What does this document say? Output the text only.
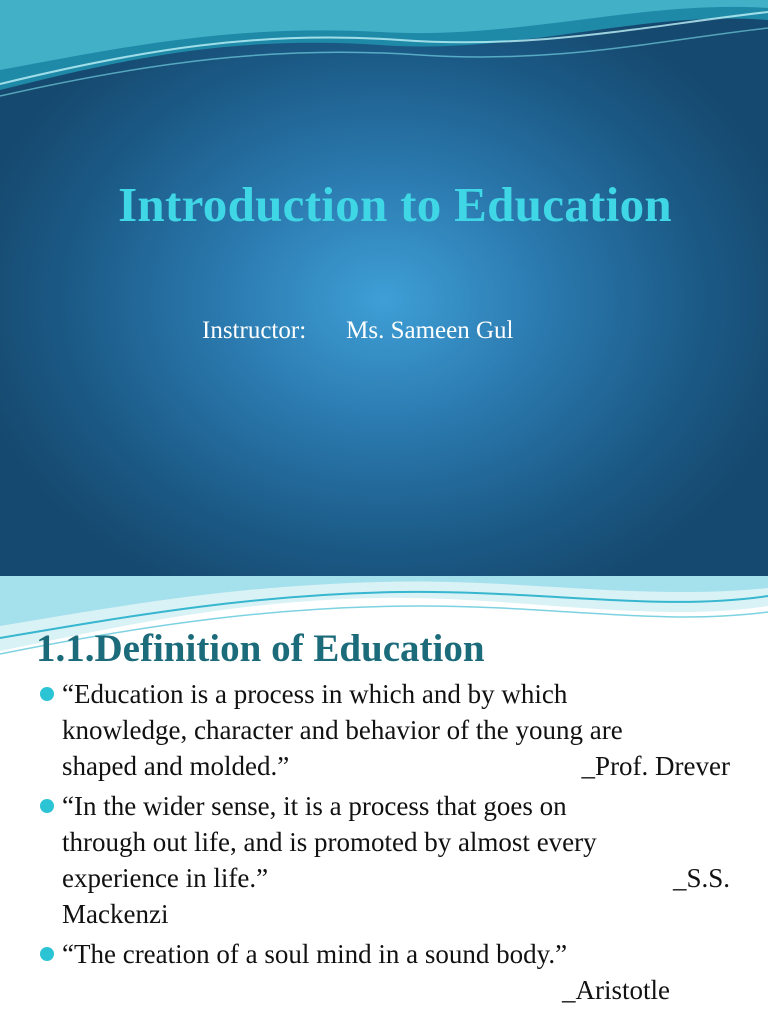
Introduction to Education
Instructor: Ms. Sameen Gul
1.1.Definition of Education
“Education is a process in which and by which
knowledge, character and behavior of the young are
shaped and molded.”	_Prof. Drever
“In the wider sense, it is a process that goes on
through out life, and is promoted by almost every
experience in life.”	_S.S.
Mackenzi
“The creation of a soul mind in a sound body.”
_Aristotle
